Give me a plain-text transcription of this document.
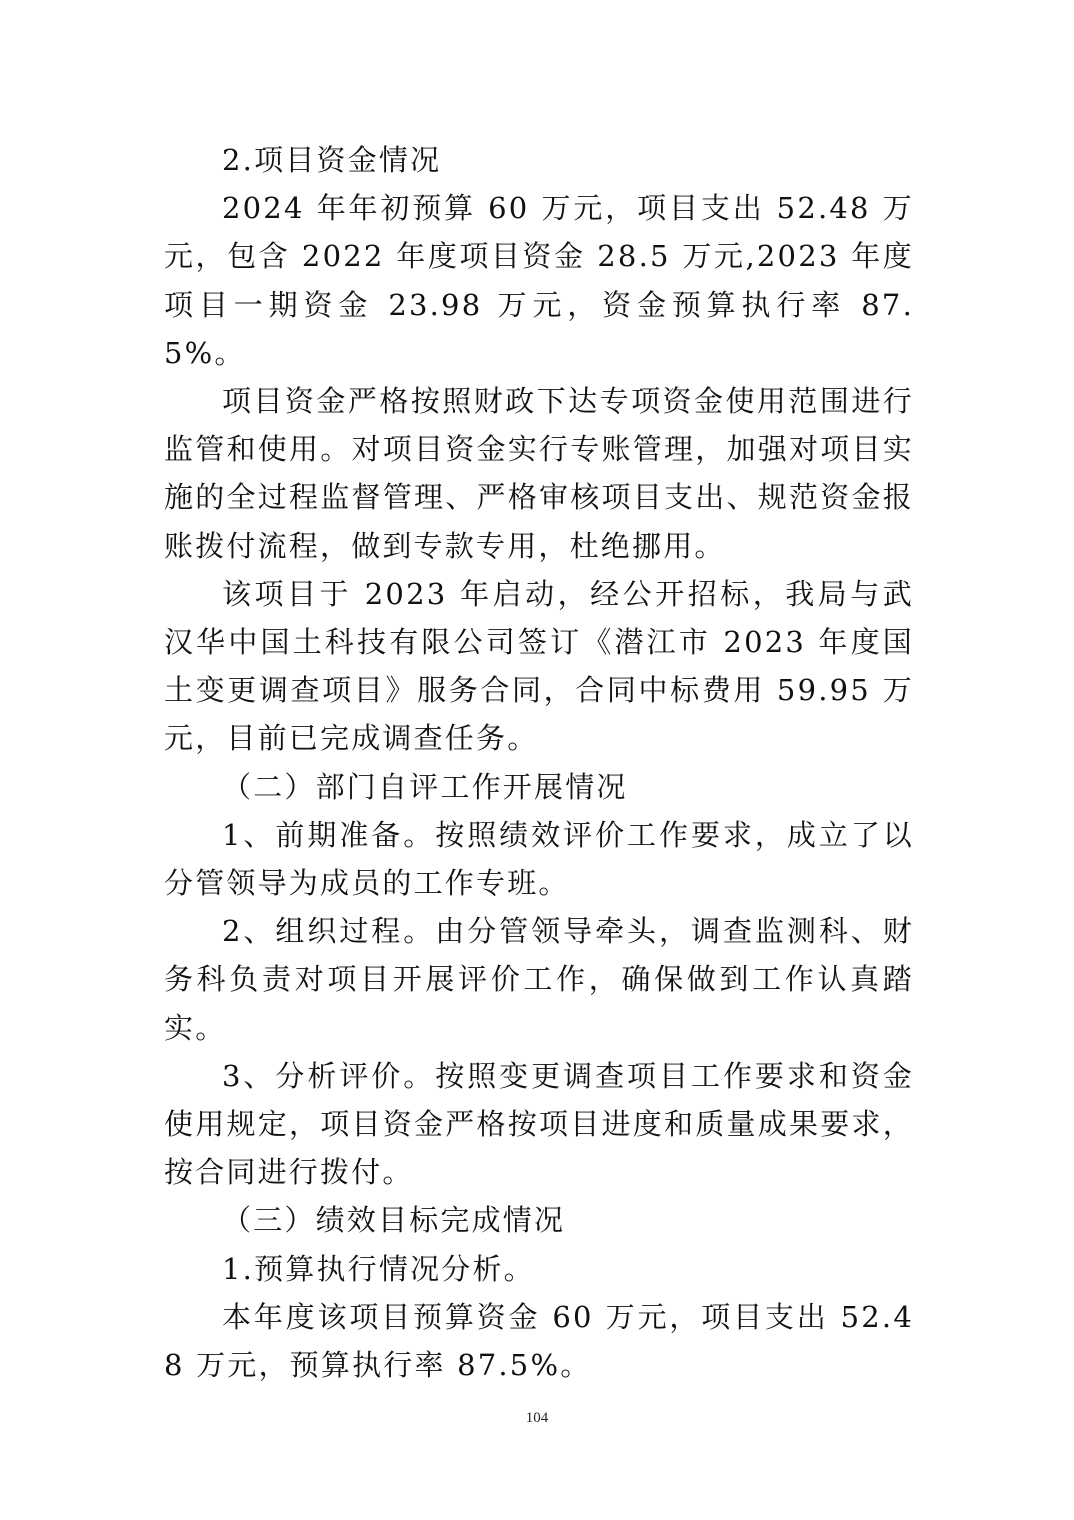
2.项目资金情况

2024 年年初预算 60 万元，项目支出 52.48 万元，包含 2022 年度项目资金 28.5 万元,2023 年度项目一期资金 23.98 万元，资金预算执行率 87.5%。

项目资金严格按照财政下达专项资金使用范围进行监管和使用。对项目资金实行专账管理，加强对项目实施的全过程监督管理、严格审核项目支出、规范资金报账拨付流程，做到专款专用，杜绝挪用。

该项目于 2023 年启动，经公开招标，我局与武汉华中国土科技有限公司签订《潜江市 2023 年度国土变更调查项目》服务合同，合同中标费用 59.95 万元，目前已完成调查任务。

（二）部门自评工作开展情况

1、前期准备。按照绩效评价工作要求，成立了以分管领导为成员的工作专班。

2、组织过程。由分管领导牵头，调查监测科、财务科负责对项目开展评价工作，确保做到工作认真踏实。

3、分析评价。按照变更调查项目工作要求和资金使用规定，项目资金严格按项目进度和质量成果要求，按合同进行拨付。

（三）绩效目标完成情况

1.预算执行情况分析。

本年度该项目预算资金 60 万元，项目支出 52.48 万元，预算执行率 87.5%。

104
